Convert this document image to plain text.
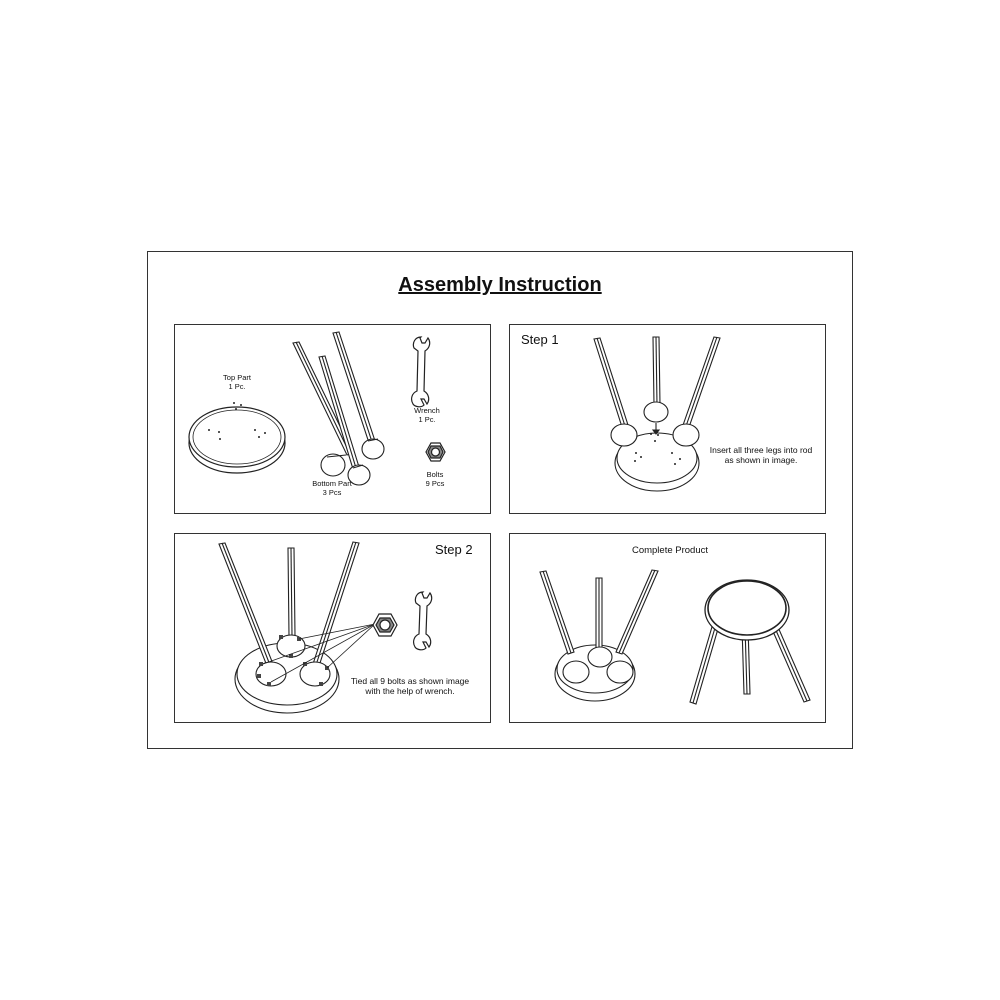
Assembly Instruction
Top Part
1 Pc.
Wrench
1 Pc.
Bottom Part
3 Pcs
Bolts
9 Pcs
Step 1
Insert all three legs into rod
as shown in image.
Step 2
Tied all 9 bolts as shown image
with the help of wrench.
Complete Product
